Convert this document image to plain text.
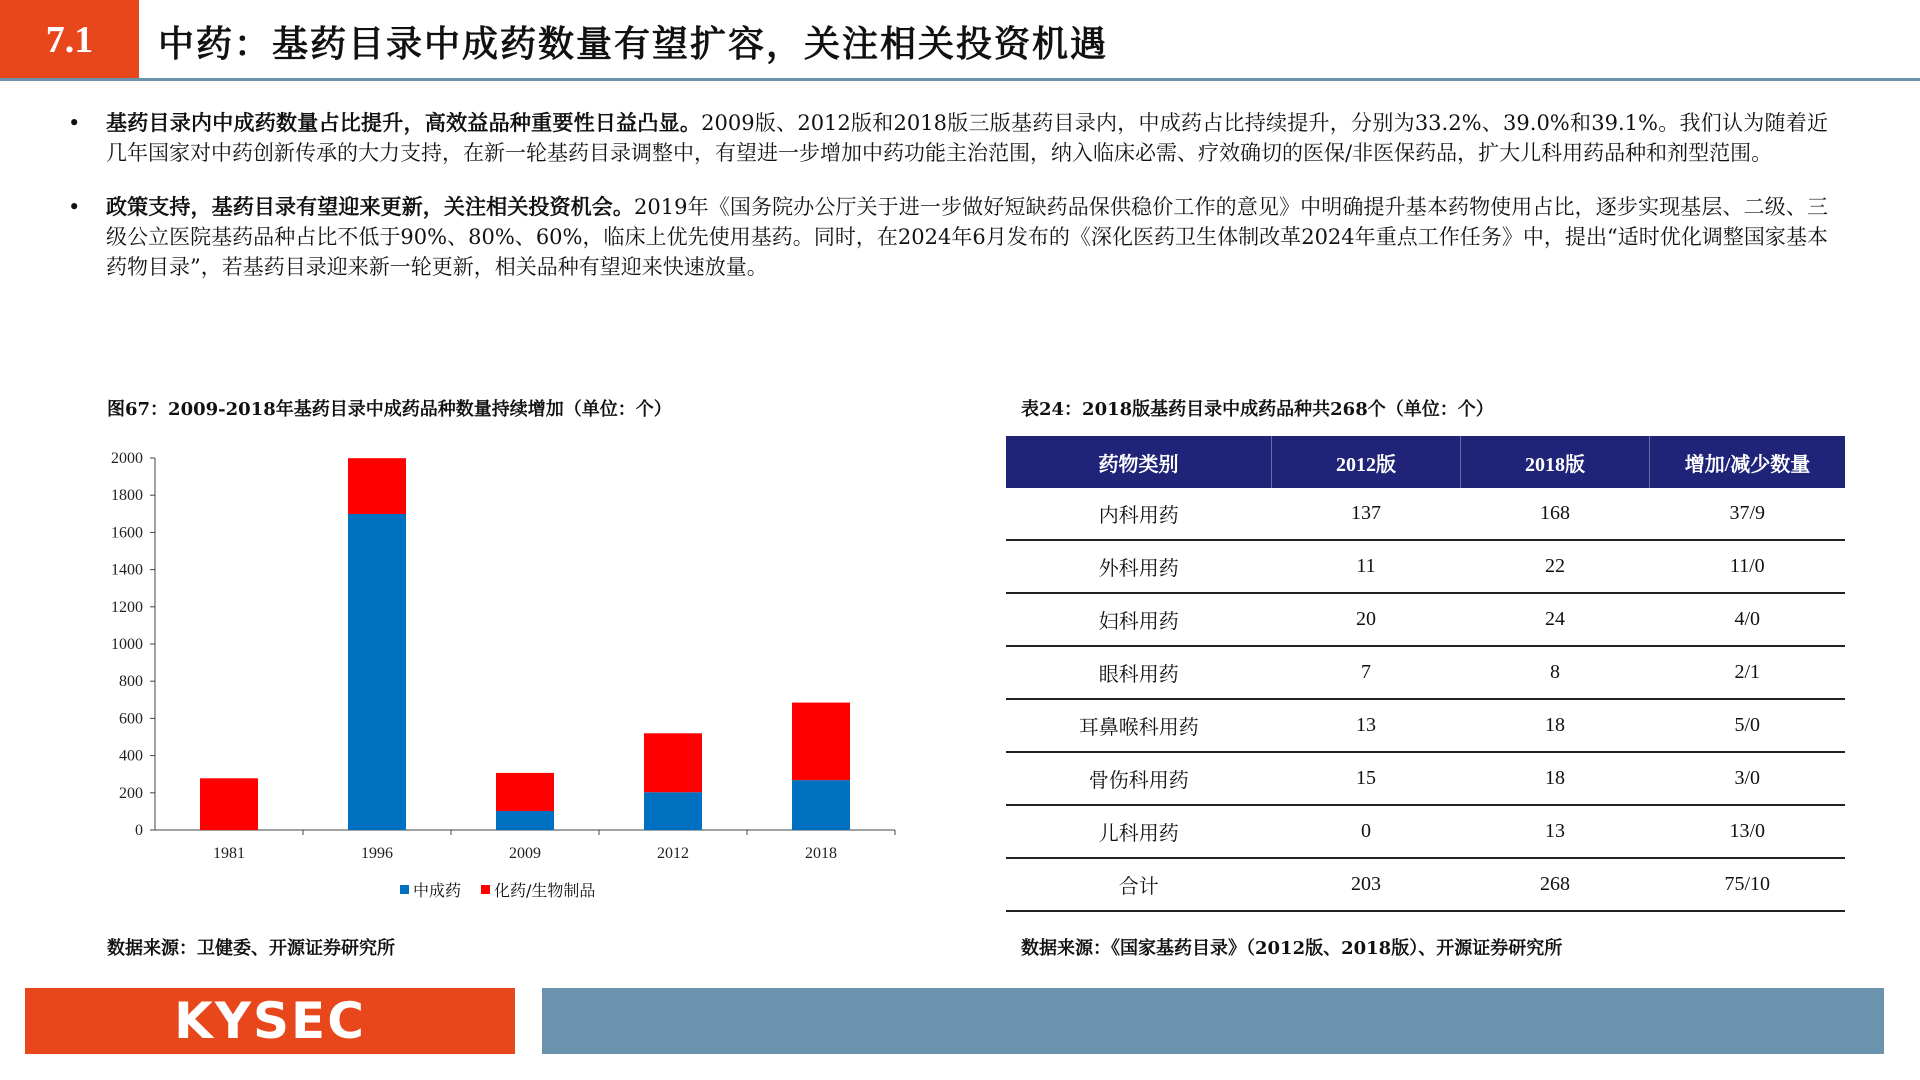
7.1	中药：基药目录中成药数量有望扩容，关注相关投资机遇
• 基药目录内中成药数量占比提升，高效益品种重要性日益凸显。2009版、2012版和2018版三版基药目录内，中成药占比持续提升，分别为33.2%、39.0%和39.1%。我们认为随着近几年国家对中药创新传承的大力支持，在新一轮基药目录调整中，有望进一步增加中药功能主治范围，纳入临床必需、疗效确切的医保/非医保药品，扩大儿科用药品种和剂型范围。
• 政策支持，基药目录有望迎来更新，关注相关投资机会。2019年《国务院办公厅关于进一步做好短缺药品保供稳价工作的意见》中明确提升基本药物使用占比，逐步实现基层、二级、三级公立医院基药品种占比不低于90%、80%、60%，临床上优先使用基药。同时，在2024年6月发布的《深化医药卫生体制改革2024年重点工作任务》中，提出“适时优化调整国家基本药物目录”，若基药目录迎来新一轮更新，相关品种有望迎来快速放量。
图67：2009-2018年基药目录中成药品种数量持续增加（单位：个）
0
200
400
600
800
1000
1200
1400
1600
1800
2000
1981	1996	2009	2012	2018
中成药 化药/生物制品
表24：2018版基药目录中成药品种共268个（单位：个）
药物类别	2012版	2018版	增加/减少数量
内科用药	137	168	37/9
外科用药	11	22	11/0
妇科用药	20	24	4/0
眼科用药	7	8	2/1
耳鼻喉科用药	13	18	5/0
骨伤科用药	15	18	3/0
儿科用药	0	13	13/0
合计	203	268	75/10
数据来源：卫健委、开源证券研究所	数据来源：《国家基药目录》（2012版、2018版）、开源证券研究所
KYSEC
